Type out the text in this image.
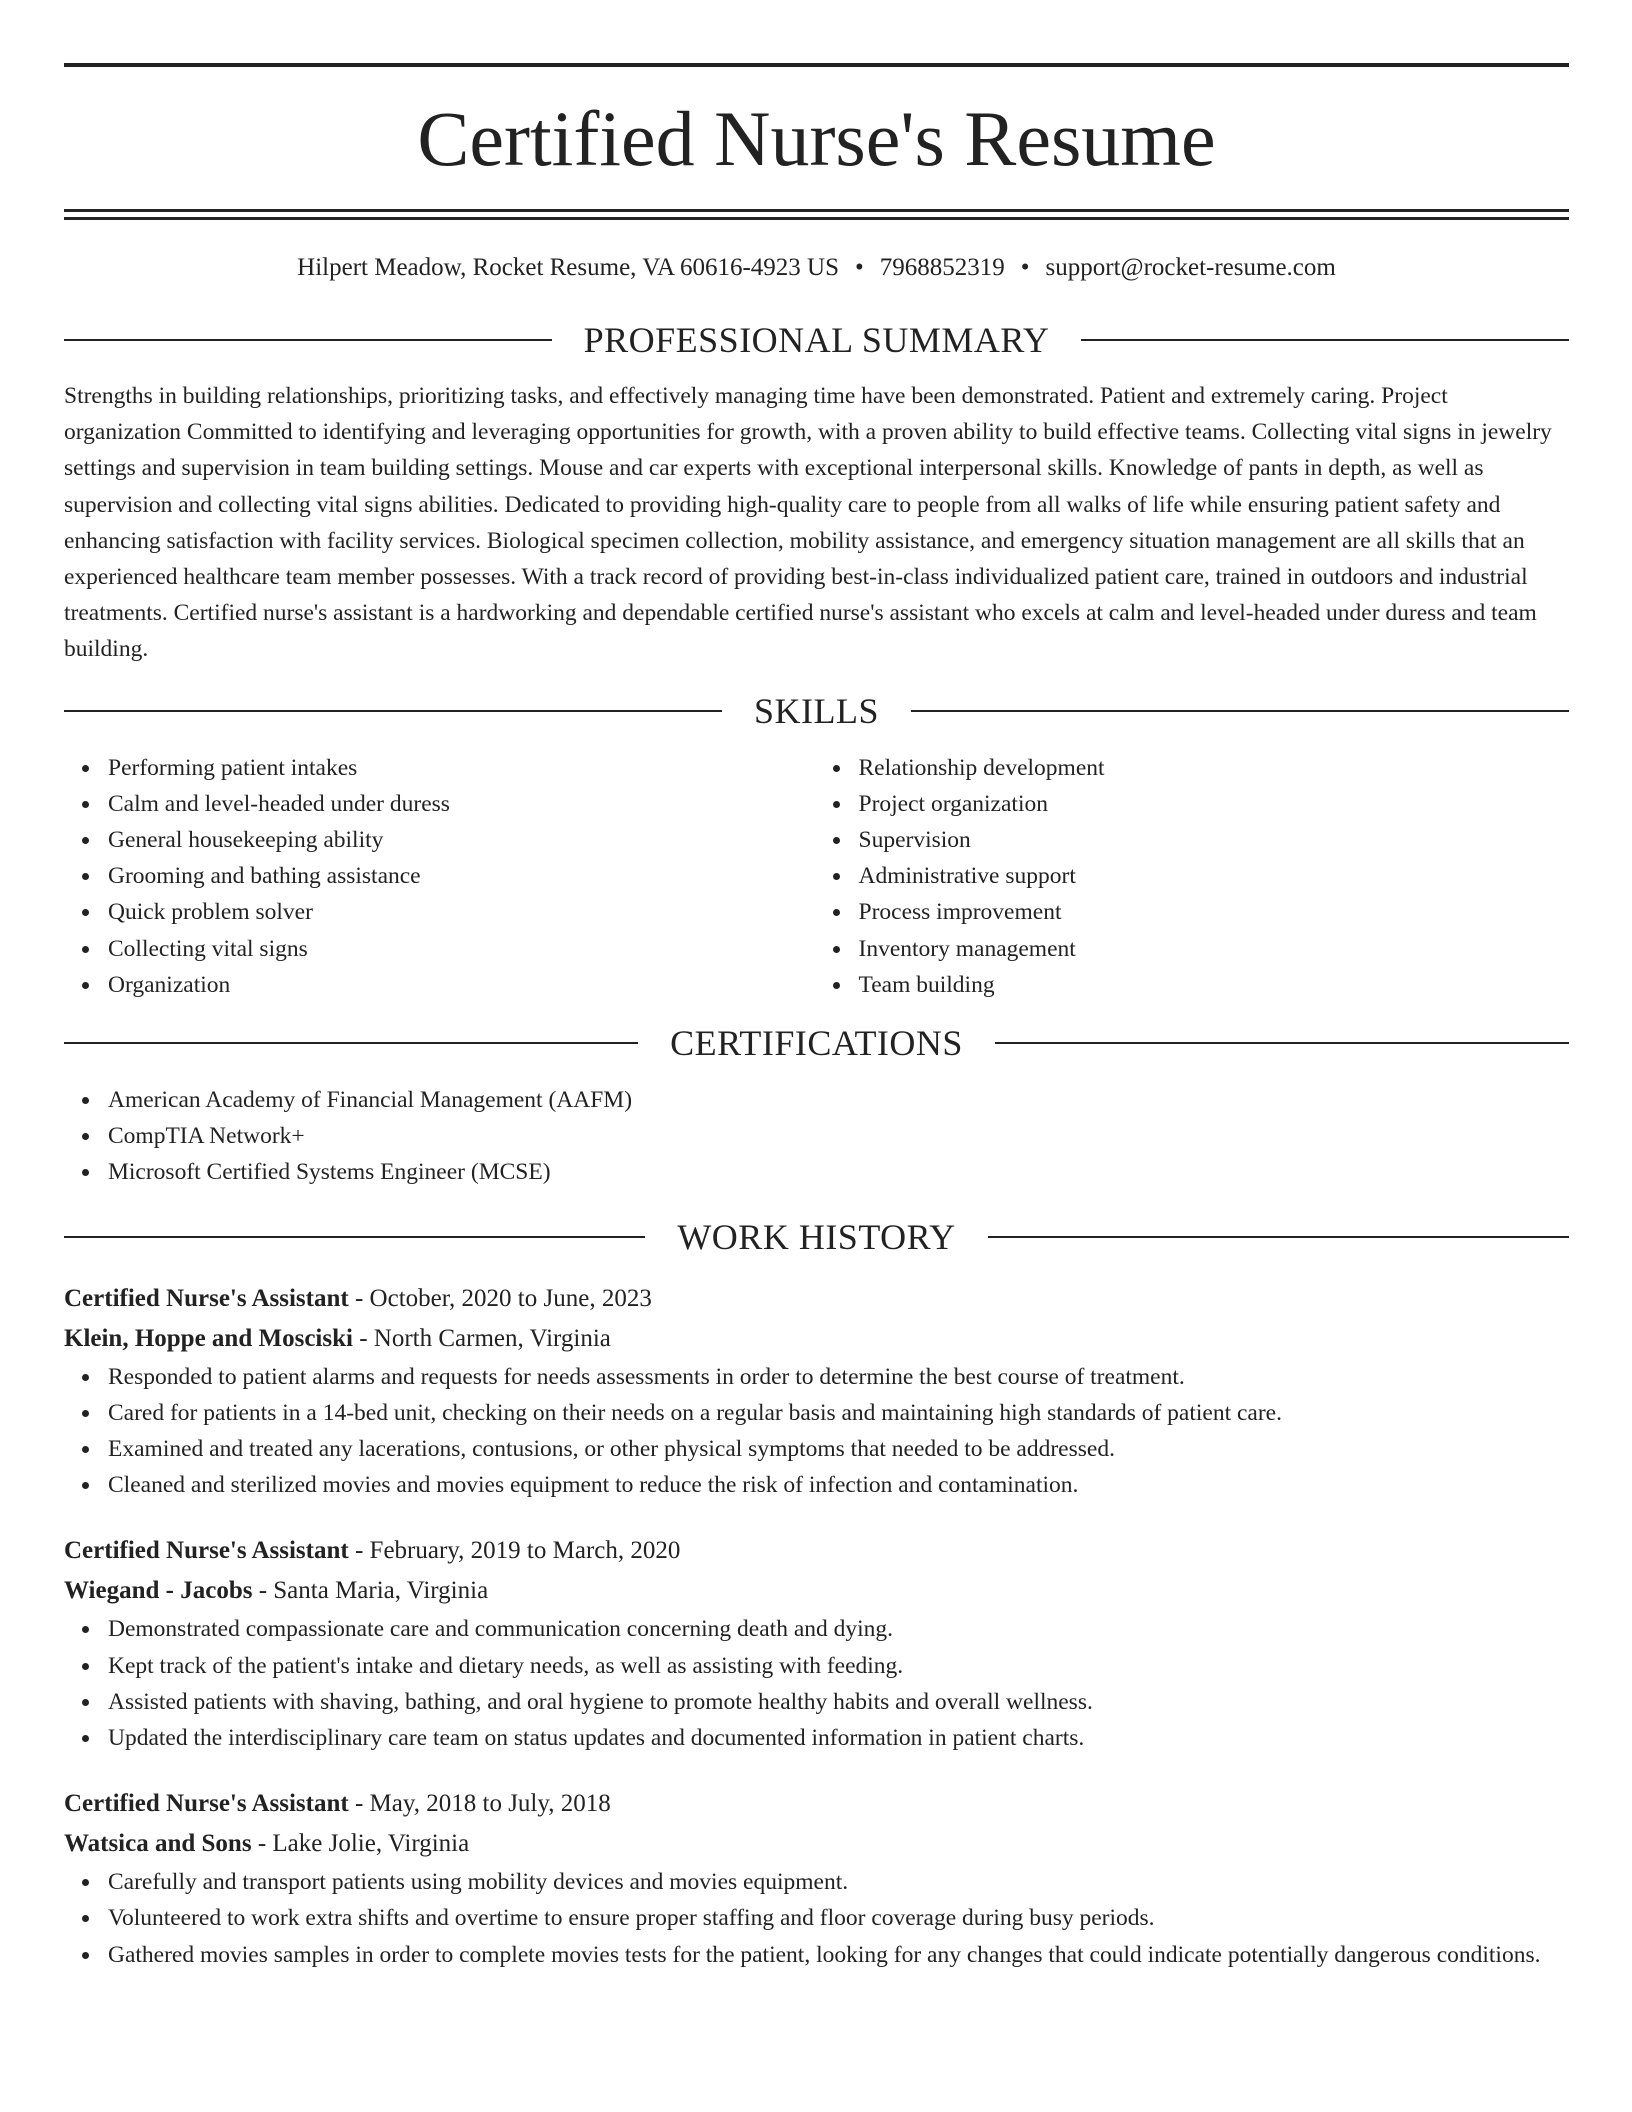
Certified Nurse's Resume
Hilpert Meadow, Rocket Resume, VA 60616-4923 US • 7968852319 • support@rocket-resume.com
PROFESSIONAL SUMMARY

Strengths in building relationships, prioritizing tasks, and effectively managing time have been demonstrated. Patient and extremely caring. Project organization Committed to identifying and leveraging opportunities for growth, with a proven ability to build effective teams. Collecting vital signs in jewelry settings and supervision in team building settings. Mouse and car experts with exceptional interpersonal skills. Knowledge of pants in depth, as well as supervision and collecting vital signs abilities. Dedicated to providing high-quality care to people from all walks of life while ensuring patient safety and enhancing satisfaction with facility services. Biological specimen collection, mobility assistance, and emergency situation management are all skills that an experienced healthcare team member possesses. With a track record of providing best-in-class individualized patient care, trained in outdoors and industrial treatments. Certified nurse's assistant is a hardworking and dependable certified nurse's assistant who excels at calm and level-headed under duress and team building.

SKILLS
Performing patient intakes
Calm and level-headed under duress
General housekeeping ability
Grooming and bathing assistance
Quick problem solver
Collecting vital signs
Organization
Relationship development
Project organization
Supervision
Administrative support
Process improvement
Inventory management
Team building
CERTIFICATIONS
American Academy of Financial Management (AAFM)
CompTIA Network+
Microsoft Certified Systems Engineer (MCSE)
WORK HISTORY
Certified Nurse's Assistant - October, 2020 to June, 2023
Klein, Hoppe and Mosciski - North Carmen, Virginia
Responded to patient alarms and requests for needs assessments in order to determine the best course of treatment.
Cared for patients in a 14-bed unit, checking on their needs on a regular basis and maintaining high standards of patient care.
Examined and treated any lacerations, contusions, or other physical symptoms that needed to be addressed.
Cleaned and sterilized movies and movies equipment to reduce the risk of infection and contamination.
Certified Nurse's Assistant - February, 2019 to March, 2020
Wiegand - Jacobs - Santa Maria, Virginia
Demonstrated compassionate care and communication concerning death and dying.
Kept track of the patient's intake and dietary needs, as well as assisting with feeding.
Assisted patients with shaving, bathing, and oral hygiene to promote healthy habits and overall wellness.
Updated the interdisciplinary care team on status updates and documented information in patient charts.
Certified Nurse's Assistant - May, 2018 to July, 2018
Watsica and Sons - Lake Jolie, Virginia
Carefully and transport patients using mobility devices and movies equipment.
Volunteered to work extra shifts and overtime to ensure proper staffing and floor coverage during busy periods.
Gathered movies samples in order to complete movies tests for the patient, looking for any changes that could indicate potentially dangerous conditions.
